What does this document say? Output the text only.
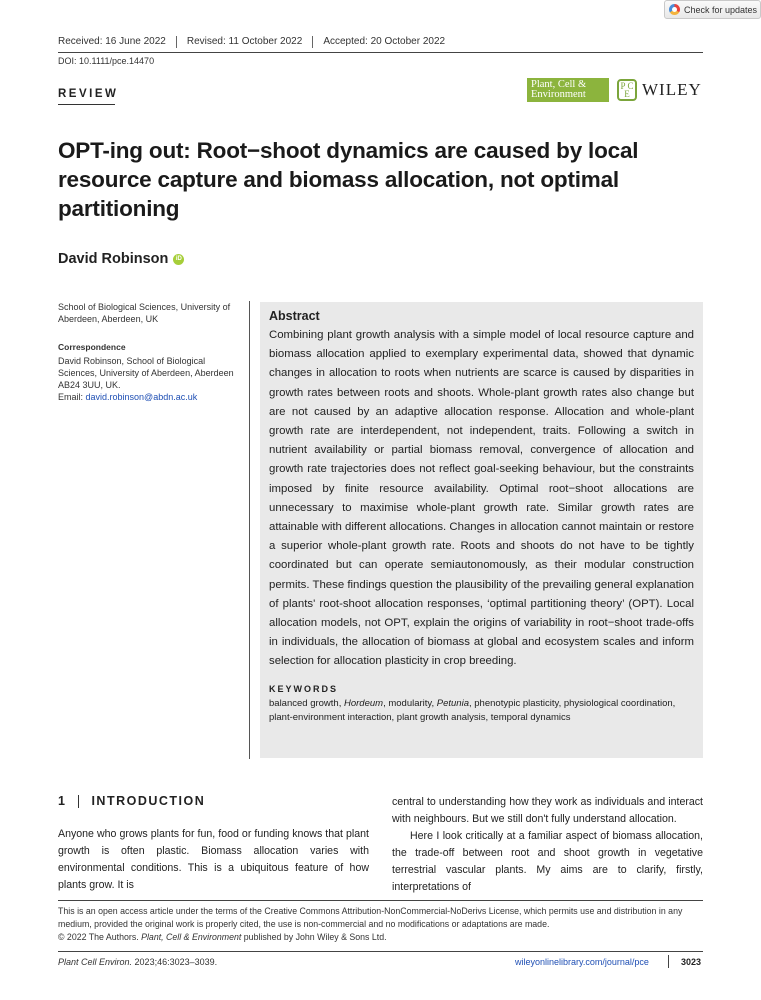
Check for updates
Received: 16 June 2022	Revised: 11 October 2022	Accepted: 20 October 2022
DOI: 10.1111/pce.14470
REVIEW
Plant, Cell &
Environment
P C
E WILEY
OPT-ing out: Root−shoot dynamics are caused by local resource capture and biomass allocation, not optimal partitioning
David Robinson	iD
School of Biological Sciences, University of Aberdeen, Aberdeen, UK
Correspondence
David Robinson, School of Biological Sciences, University of Aberdeen, Aberdeen AB24 3UU, UK.
Email: david.robinson@abdn.ac.uk
Abstract

Combining plant growth analysis with a simple model of local resource capture and biomass allocation applied to exemplary experimental data, showed that dynamic changes in allocation to roots when nutrients are scarce is caused by disparities in growth rates between roots and shoots. Whole-plant growth rates also change but are not caused by an adaptive allocation response. Allocation and whole-plant growth rate are interdependent, not independent, traits. Following a switch in nutrient availability or partial biomass removal, convergence of allocation and growth rate trajectories does not reflect goal-seeking behaviour, but the constraints imposed by finite resource availability. Optimal root−shoot allocations are unnecessary to maximise whole-plant growth rate. Similar growth rates are attainable with different allocations. Changes in allocation cannot maintain or restore a superior whole-plant growth rate. Roots and shoots do not have to be tightly coordinated but can operate semiautonomously, as their modular construction permits. These findings question the plausibility of the prevailing general explanation of plants' root-shoot allocation responses, ‘optimal partitioning theory’ (OPT). Local allocation models, not OPT, explain the origins of variability in root−shoot trade-offs in individuals, the allocation of biomass at global and ecosystem scales and inform selection for allocation plasticity in crop breeding.

KEYWORDS

balanced growth, Hordeum, modularity, Petunia, phenotypic plasticity, physiological coordination, plant-environment interaction, plant growth analysis, temporal dynamics

1 INTRODUCTION

Anyone who grows plants for fun, food or funding knows that plant growth is often plastic. Biomass allocation varies with environmental conditions. This is a ubiquitous feature of how plants grow. It is

central to understanding how they work as individuals and interact with neighbours. But we still don't fully understand allocation.

Here I look critically at a familiar aspect of biomass allocation, the trade-off between root and shoot growth in vegetative terrestrial vascular plants. My aims are to clarify, firstly, interpretations of

This is an open access article under the terms of the Creative Commons Attribution-NonCommercial-NoDerivs License, which permits use and distribution in any medium, provided the original work is properly cited, the use is non-commercial and no modifications or adaptations are made.
© 2022 The Authors. Plant, Cell & Environment published by John Wiley & Sons Ltd.
Plant Cell Environ. 2023;46:3023–3039.	wileyonlinelibrary.com/journal/pce	3023
